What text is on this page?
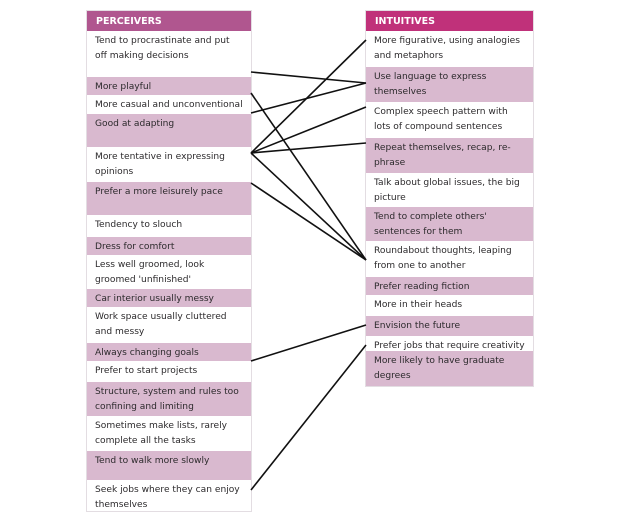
PERCEIVERS
Tend to procrastinate and put off making decisions
More playful
More casual and unconventional
Good at adapting
More tentative in expressing opinions
Prefer a more leisurely pace
Tendency to slouch
Dress for comfort
Less well groomed, look groomed 'unfinished'
Car interior usually messy
Work space usually cluttered and messy
Always changing goals
Prefer to start projects
Structure, system and rules too confining and limiting
Sometimes make lists, rarely complete all the tasks
Tend to walk more slowly
Seek jobs where they can enjoy themselves
INTUITIVES
More figurative, using analogies and metaphors
Use language to express themselves
Complex speech pattern with lots of compound sentences
Repeat themselves, recap, re-phrase
Talk about global issues, the big picture
Tend to complete others' sentences for them
Roundabout thoughts, leaping from one to another
Prefer reading fiction
More in their heads
Envision the future
Prefer jobs that require creativity
More likely to have graduate degrees
